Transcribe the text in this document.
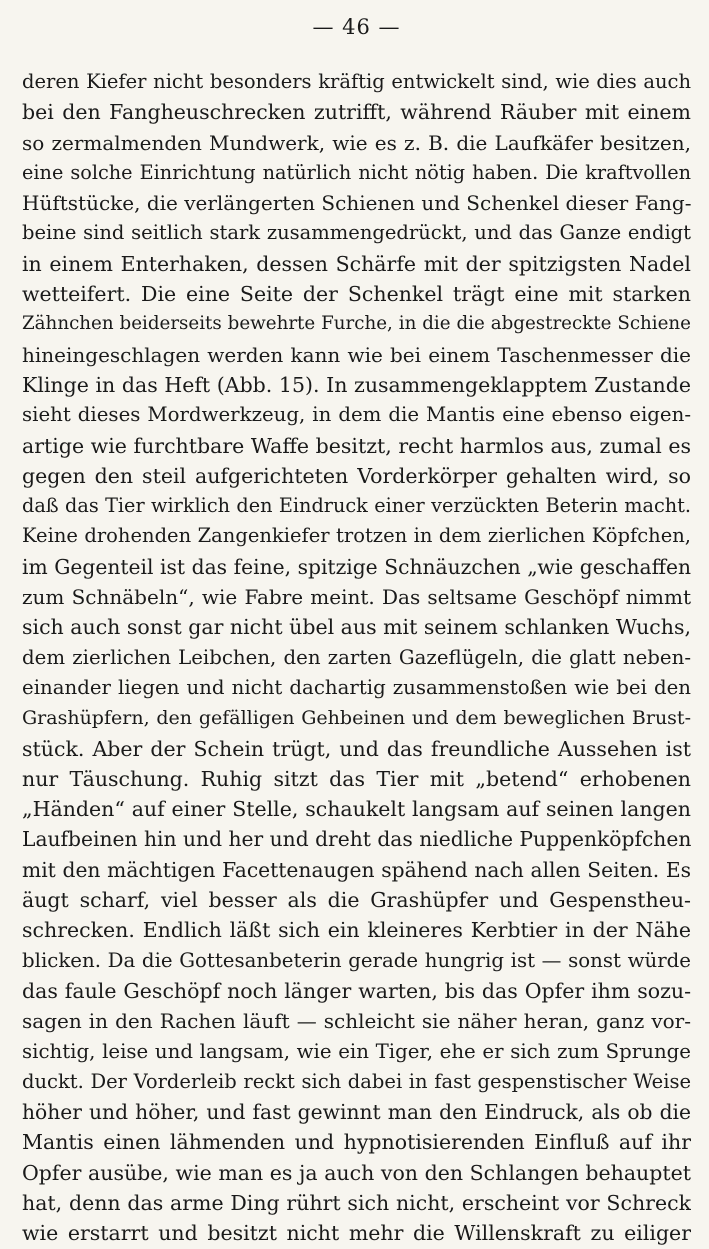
— 46 —
deren Kiefer nicht besonders kräftig entwickelt sind, wie dies auch
bei den Fangheuschrecken zutrifft, während Räuber mit einem
so zermalmenden Mundwerk, wie es z. B. die Laufkäfer besitzen,
eine solche Einrichtung natürlich nicht nötig haben. Die kraftvollen
Hüftstücke, die verlängerten Schienen und Schenkel dieser Fang-
beine sind seitlich stark zusammengedrückt, und das Ganze endigt
in einem Enterhaken, dessen Schärfe mit der spitzigsten Nadel
wetteifert. Die eine Seite der Schenkel trägt eine mit starken
Zähnchen beiderseits bewehrte Furche, in die die abgestreckte Schiene
hineingeschlagen werden kann wie bei einem Taschenmesser die
Klinge in das Heft (Abb. 15). In zusammengeklapptem Zustande
sieht dieses Mordwerkzeug, in dem die Mantis eine ebenso eigen-
artige wie furchtbare Waffe besitzt, recht harmlos aus, zumal es
gegen den steil aufgerichteten Vorderkörper gehalten wird, so
daß das Tier wirklich den Eindruck einer verzückten Beterin macht.
Keine drohenden Zangenkiefer trotzen in dem zierlichen Köpfchen,
im Gegenteil ist das feine, spitzige Schnäuzchen „wie geschaffen
zum Schnäbeln“, wie Fabre meint. Das seltsame Geschöpf nimmt
sich auch sonst gar nicht übel aus mit seinem schlanken Wuchs,
dem zierlichen Leibchen, den zarten Gazeflügeln, die glatt neben-
einander liegen und nicht dachartig zusammenstoßen wie bei den
Grashüpfern, den gefälligen Gehbeinen und dem beweglichen Brust-
stück. Aber der Schein trügt, und das freundliche Aussehen ist
nur Täuschung. Ruhig sitzt das Tier mit „betend“ erhobenen
„Händen“ auf einer Stelle, schaukelt langsam auf seinen langen
Laufbeinen hin und her und dreht das niedliche Puppenköpfchen
mit den mächtigen Facettenaugen spähend nach allen Seiten. Es
äugt scharf, viel besser als die Grashüpfer und Gespenstheu-
schrecken. Endlich läßt sich ein kleineres Kerbtier in der Nähe
blicken. Da die Gottesanbeterin gerade hungrig ist — sonst würde
das faule Geschöpf noch länger warten, bis das Opfer ihm sozu-
sagen in den Rachen läuft — schleicht sie näher heran, ganz vor-
sichtig, leise und langsam, wie ein Tiger, ehe er sich zum Sprunge
duckt. Der Vorderleib reckt sich dabei in fast gespenstischer Weise
höher und höher, und fast gewinnt man den Eindruck, als ob die
Mantis einen lähmenden und hypnotisierenden Einfluß auf ihr
Opfer ausübe, wie man es ja auch von den Schlangen behauptet
hat, denn das arme Ding rührt sich nicht, erscheint vor Schreck
wie erstarrt und besitzt nicht mehr die Willenskraft zu eiliger
